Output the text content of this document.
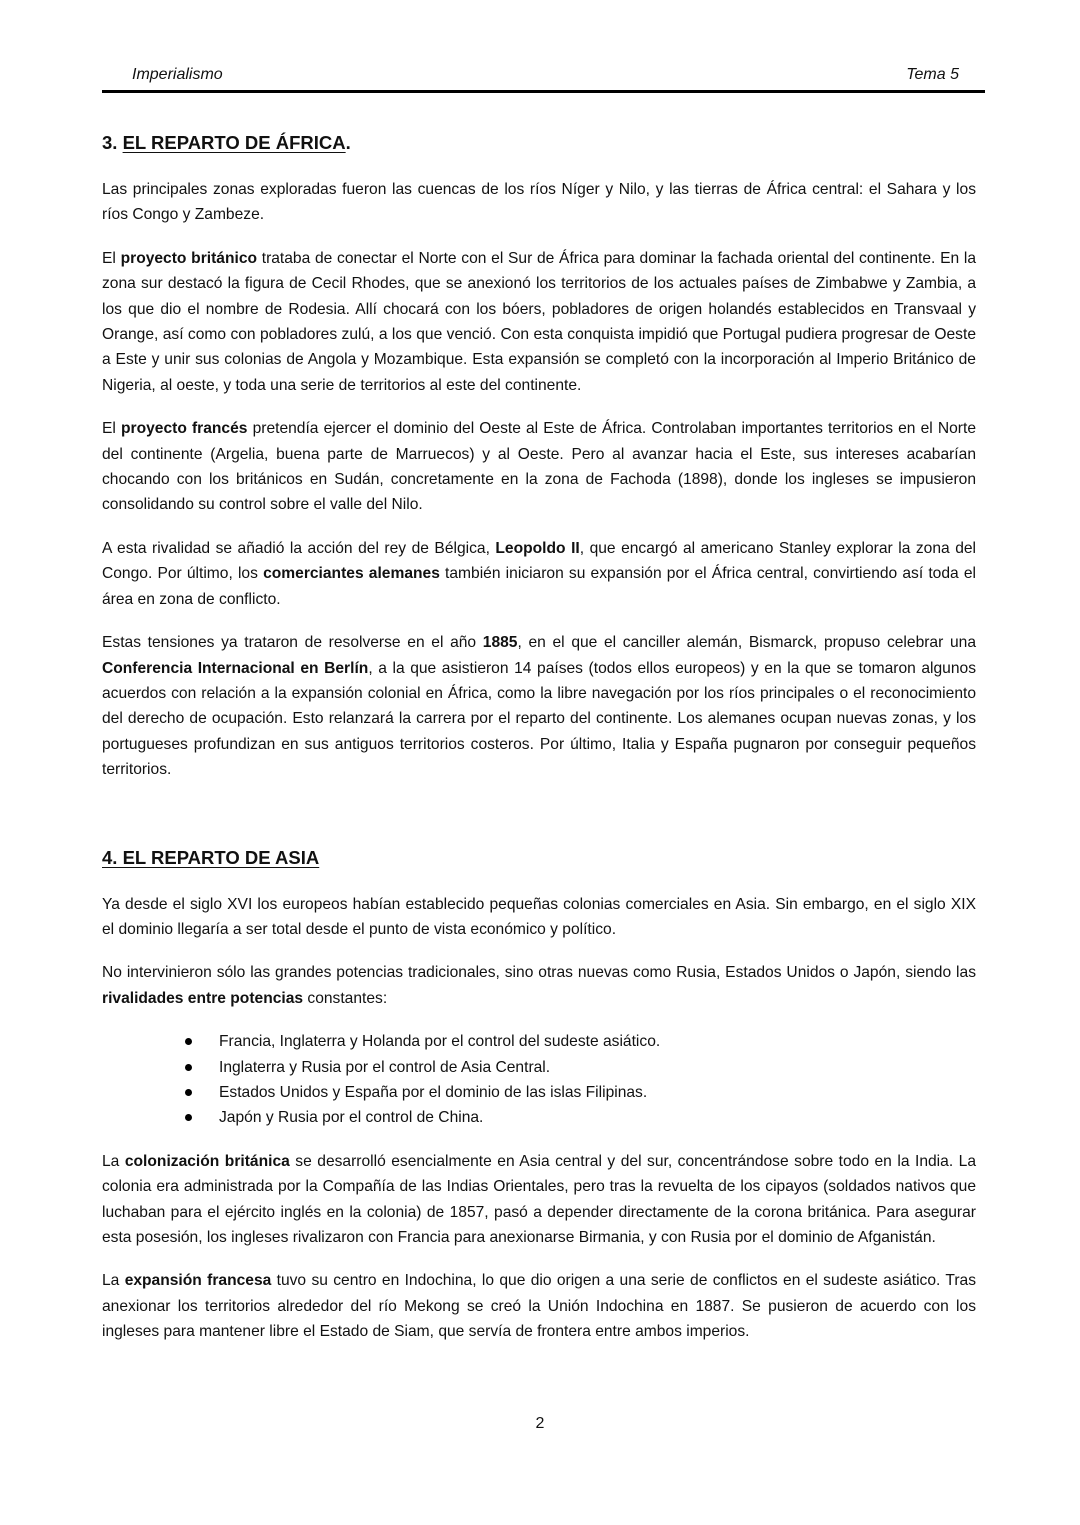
Imperialismo	Tema 5
3. EL REPARTO DE ÁFRICA.

Las principales zonas exploradas fueron las cuencas de los ríos Níger y Nilo, y las tierras de África central: el Sahara y los ríos Congo y Zambeze.

El proyecto británico trataba de conectar el Norte con el Sur de África para dominar la fachada oriental del continente. En la zona sur destacó la figura de Cecil Rhodes, que se anexionó los territorios de los actuales países de Zimbabwe y Zambia, a los que dio el nombre de Rodesia. Allí chocará con los bóers, pobladores de origen holandés establecidos en Transvaal y Orange, así como con pobladores zulú, a los que venció. Con esta conquista impidió que Portugal pudiera progresar de Oeste a Este y unir sus colonias de Angola y Mozambique. Esta expansión se completó con la incorporación al Imperio Británico de Nigeria, al oeste, y toda una serie de territorios al este del continente.

El proyecto francés pretendía ejercer el dominio del Oeste al Este de África. Controlaban importantes territorios en el Norte del continente (Argelia, buena parte de Marruecos) y al Oeste. Pero al avanzar hacia el Este, sus intereses acabarían chocando con los británicos en Sudán, concretamente en la zona de Fachoda (1898), donde los ingleses se impusieron consolidando su control sobre el valle del Nilo.

A esta rivalidad se añadió la acción del rey de Bélgica, Leopoldo II, que encargó al americano Stanley explorar la zona del Congo. Por último, los comerciantes alemanes también iniciaron su expansión por el África central, convirtiendo así toda el área en zona de conflicto.

Estas tensiones ya trataron de resolverse en el año 1885, en el que el canciller alemán, Bismarck, propuso celebrar una Conferencia Internacional en Berlín, a la que asistieron 14 países (todos ellos europeos) y en la que se tomaron algunos acuerdos con relación a la expansión colonial en África, como la libre navegación por los ríos principales o el reconocimiento del derecho de ocupación. Esto relanzará la carrera por el reparto del continente. Los alemanes ocupan nuevas zonas, y los portugueses profundizan en sus antiguos territorios costeros. Por último, Italia y España pugnaron por conseguir pequeños territorios.

4. EL REPARTO DE ASIA

Ya desde el siglo XVI los europeos habían establecido pequeñas colonias comerciales en Asia. Sin embargo, en el siglo XIX el dominio llegaría a ser total desde el punto de vista económico y político.

No intervinieron sólo las grandes potencias tradicionales, sino otras nuevas como Rusia, Estados Unidos o Japón, siendo las rivalidades entre potencias constantes:

Francia, Inglaterra y Holanda por el control del sudeste asiático.
Inglaterra y Rusia por el control de Asia Central.
Estados Unidos y España por el dominio de las islas Filipinas.
Japón y Rusia por el control de China.

La colonización británica se desarrolló esencialmente en Asia central y del sur, concentrándose sobre todo en la India. La colonia era administrada por la Compañía de las Indias Orientales, pero tras la revuelta de los cipayos (soldados nativos que luchaban para el ejército inglés en la colonia) de 1857, pasó a depender directamente de la corona británica. Para asegurar esta posesión, los ingleses rivalizaron con Francia para anexionarse Birmania, y con Rusia por el dominio de Afganistán.

La expansión francesa tuvo su centro en Indochina, lo que dio origen a una serie de conflictos en el sudeste asiático. Tras anexionar los territorios alrededor del río Mekong se creó la Unión Indochina en 1887. Se pusieron de acuerdo con los ingleses para mantener libre el Estado de Siam, que servía de frontera entre ambos imperios.

2
